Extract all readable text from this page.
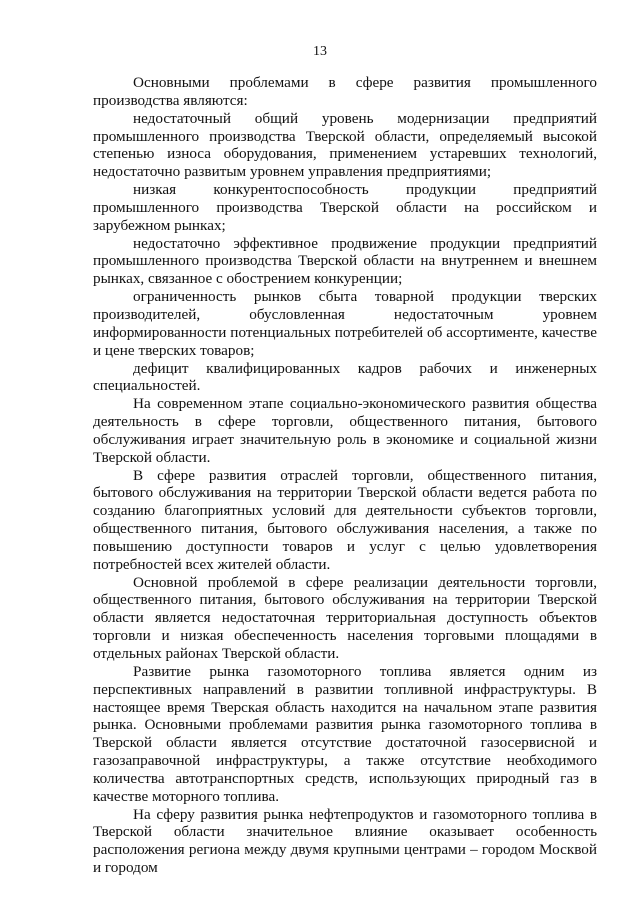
13

Основными проблемами в сфере развития промышленного производства являются:

недостаточный общий уровень модернизации предприятий промышленного производства Тверской области, определяемый высокой степенью износа оборудования, применением устаревших технологий, недостаточно развитым уровнем управления предприятиями;

низкая конкурентоспособность продукции предприятий промышленного производства Тверской области на российском и зарубежном рынках;

недостаточно эффективное продвижение продукции предприятий промышленного производства Тверской области на внутреннем и внешнем рынках, связанное с обострением конкуренции;

ограниченность рынков сбыта товарной продукции тверских производителей, обусловленная недостаточным уровнем информированности потенциальных потребителей об ассортименте, качестве и цене тверских товаров;

дефицит квалифицированных кадров рабочих и инженерных специальностей.

На современном этапе социально-экономического развития общества деятельность в сфере торговли, общественного питания, бытового обслуживания играет значительную роль в экономике и социальной жизни Тверской области.

В сфере развития отраслей торговли, общественного питания, бытового обслуживания на территории Тверской области ведется работа по созданию благоприятных условий для деятельности субъектов торговли, общественного питания, бытового обслуживания населения, а также по повышению доступности товаров и услуг с целью удовлетворения потребностей всех жителей области.

Основной проблемой в сфере реализации деятельности торговли, общественного питания, бытового обслуживания на территории Тверской области является недостаточная территориальная доступность объектов торговли и низкая обеспеченность населения торговыми площадями в отдельных районах Тверской области.

Развитие рынка газомоторного топлива является одним из перспективных направлений в развитии топливной инфраструктуры. В настоящее время Тверская область находится на начальном этапе развития рынка. Основными проблемами развития рынка газомоторного топлива в Тверской области является отсутствие достаточной газосервисной и газозаправочной инфраструктуры, а также отсутствие необходимого количества автотранспортных средств, использующих природный газ в качестве моторного топлива.

На сферу развития рынка нефтепродуктов и газомоторного топлива в Тверской области значительное влияние оказывает особенность расположения региона между двумя крупными центрами – городом Москвой и городом
